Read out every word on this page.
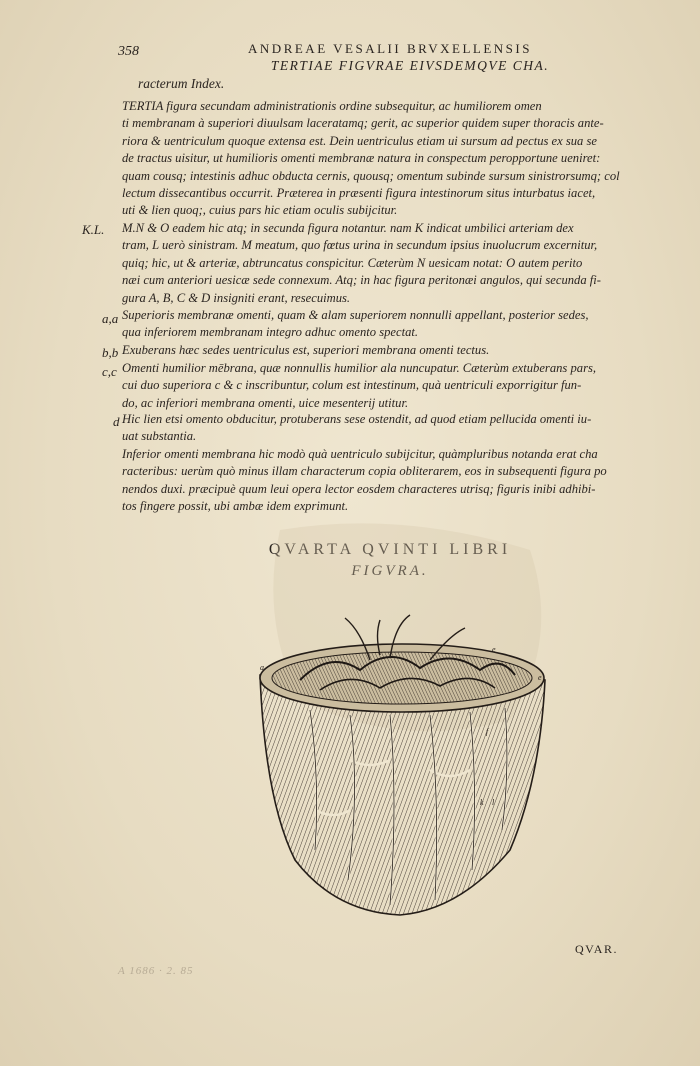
358	ANDREAE VESALII BRVXELLENSIS
TERTIAE FIGVRAE EIVSDEMQVE CHA.
racterum Index.
TERTIA figura secundam administrationis ordine subsequitur, ac humiliorem omen
ti membranam à superiori diuulsam laceratamq; gerit, ac superior quidem super thoracis ante-
riora & uentriculum quoque extensa est. Dein uentriculus etiam ui sursum ad pectus ex sua se
de tractus uisitur, ut humilioris omenti membranæ natura in conspectum peropportune ueniret:
quam cousq; intestinis adhuc obducta cernis, quousq; omentum subinde sursum sinistrorsumq; col
lectum dissecantibus occurrit. Præterea in præsenti figura intestinorum situs inturbatus iacet,
uti & lien quoq;, cuius pars hic etiam oculis subijcitur.
K.L. M.N & O eadem hic atq; in secunda figura notantur. nam K indicat umbilici arteriam dex
tram, L uerò sinistram. M meatum, quo fœtus urina in secundum ipsius inuolucrum excernitur,
quiq; hic, ut & arteriæ, abtruncatus conspicitur. Cæterùm N uesicam notat: O autem perito
næi cum anteriori uesicæ sede connexum. Atq; in hac figura peritonæi angulos, qui secunda fi-
gura A, B, C & D insigniti erant, resecuimus.
a,a Superioris membranæ omenti, quam & alam superiorem nonnulli appellant, posterior sedes,
qua inferiorem membranam integro adhuc omento spectat.
b,b Exuberans hæc sedes uentriculus est, superiori membrana omenti tectus.
c,c Omenti humilior mēbrana, quæ nonnullis humilior ala nuncupatur. Cæterùm extuberans pars,
cui duo superiora c & c inscribuntur, colum est intestinum, quà uentriculi exporrigitur fun-
do, ac inferiori membrana omenti, uice mesenterij utitur.
d Hic lien etsi omento obducitur, protuberans sese ostendit, ad quod etiam pellucida omenti iu-
uat substantia.
Inferior omenti membrana hic modò quà uentriculo subijcitur, quàmpluribus notanda erat cha
racteribus: uerùm quò minus illam characterum copia obliterarem, eos in subsequenti figura po
nendos duxi. præcipuè quum leui opera lector eosdem characteres utrisq; figuris inibi adhibi-
tos fingere possit, ubi ambæ idem exprimunt.
QVARTA QVINTI LIBRI
FIGVRA.
a
e
e
f
k l
QVAR.
A 1686 · 2. 85
